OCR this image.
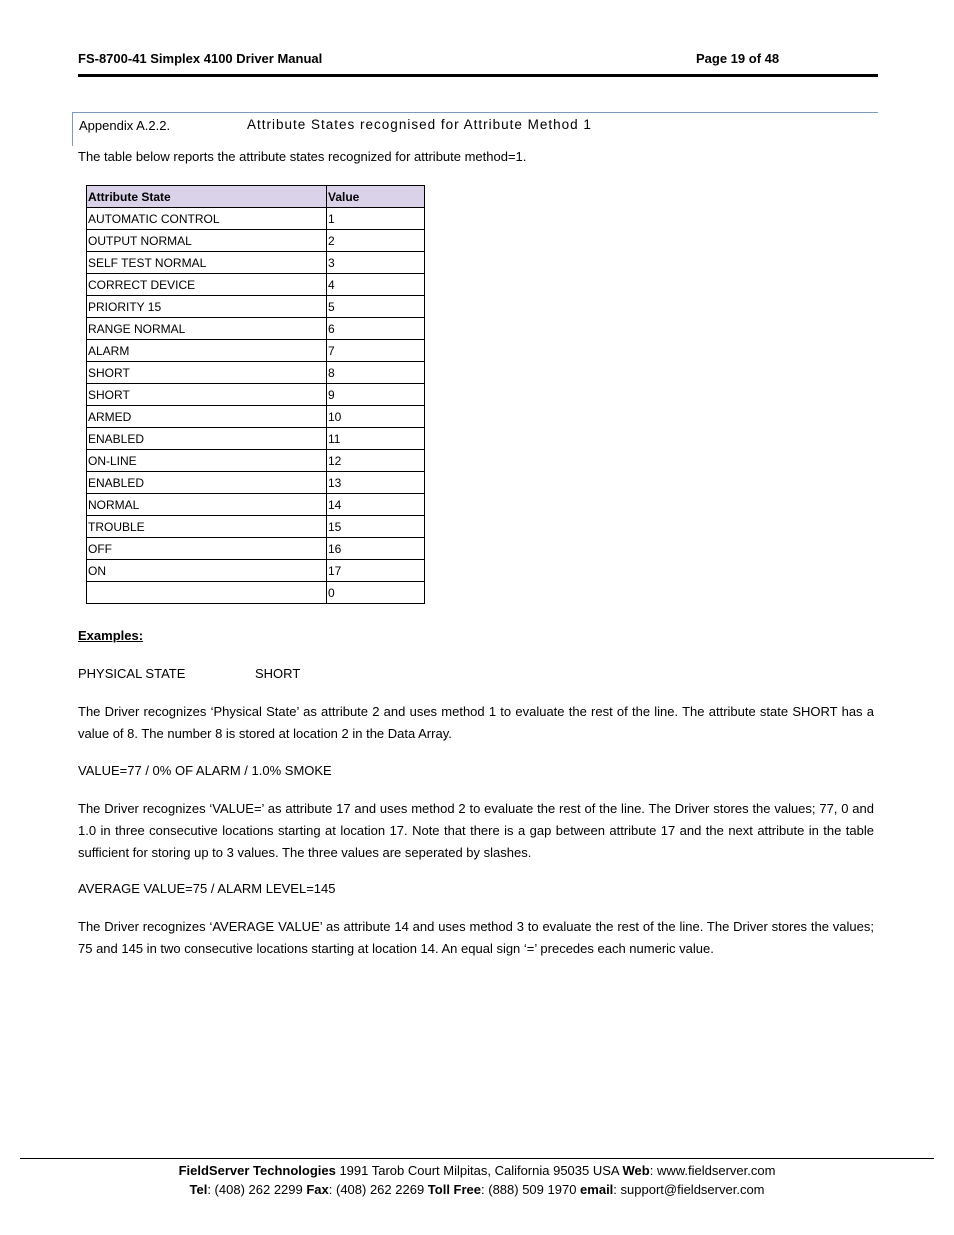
FS-8700-41 Simplex 4100 Driver Manual	Page 19 of 48
Appendix A.2.2.	Attribute States recognised for Attribute Method 1
The table below reports the attribute states recognized for attribute method=1.
Attribute State	Value
AUTOMATIC CONTROL	1
OUTPUT NORMAL	2
SELF TEST NORMAL	3
CORRECT DEVICE	4
PRIORITY 15	5
RANGE NORMAL	6
ALARM	7
SHORT	8
SHORT	9
ARMED	10
ENABLED	11
ON-LINE	12
ENABLED	13
NORMAL	14
TROUBLE	15
OFF	16
ON	17
	0
Examples:
PHYSICAL STATE	SHORT
The Driver recognizes ‘Physical State’ as attribute 2 and uses method 1 to evaluate the rest of the line. The attribute state SHORT has a value of 8. The number 8 is stored at location 2 in the Data Array.
VALUE=77 / 0% OF ALARM / 1.0% SMOKE
The Driver recognizes ‘VALUE=’ as attribute 17 and uses method 2 to evaluate the rest of the line. The Driver stores the values; 77, 0 and 1.0 in three consecutive locations starting at location 17. Note that there is a gap between attribute 17 and the next attribute in the table sufficient for storing up to 3 values. The three values are seperated by slashes.
AVERAGE VALUE=75 / ALARM LEVEL=145
The Driver recognizes ‘AVERAGE VALUE’ as attribute 14 and uses method 3 to evaluate the rest of the line. The Driver stores the values; 75 and 145 in two consecutive locations starting at location 14. An equal sign ‘=’ precedes each numeric value.
FieldServer Technologies 1991 Tarob Court Milpitas, California 95035 USA Web: www.fieldserver.com
Tel: (408) 262 2299 Fax: (408) 262 2269 Toll Free: (888) 509 1970 email: support@fieldserver.com
